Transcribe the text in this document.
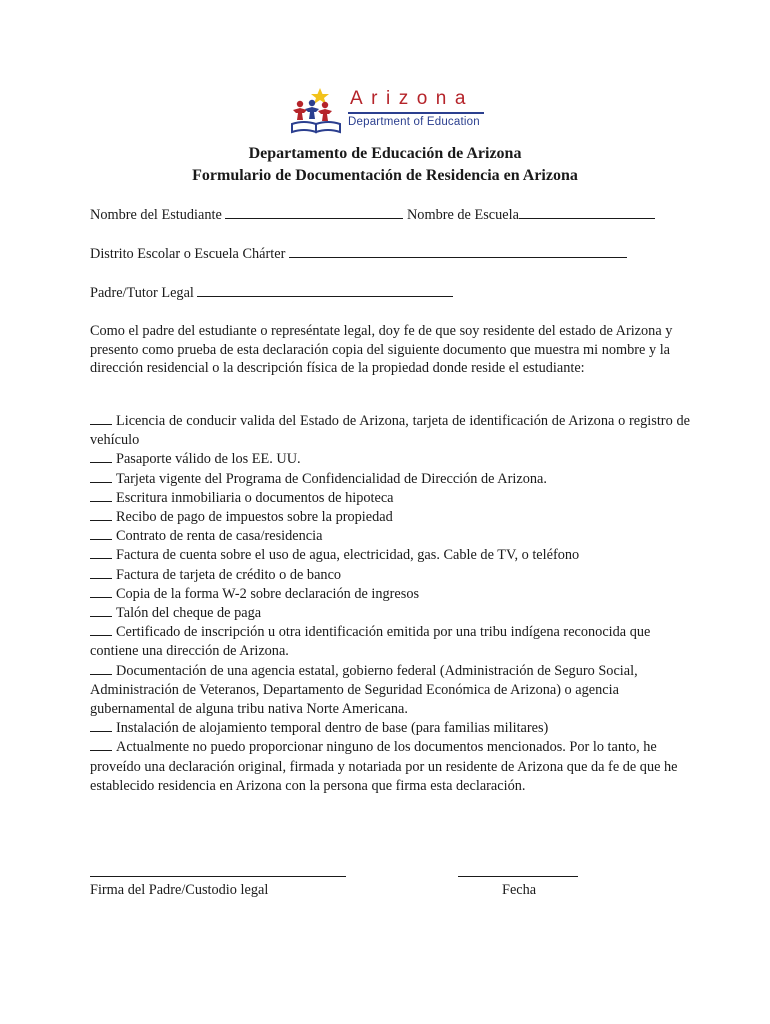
Arizona
Department of Education
Departamento de Educación de Arizona
Formulario de Documentación de Residencia en Arizona
Nombre del Estudiante	Nombre de Escuela
Distrito Escolar o Escuela Chárter
Padre/Tutor Legal
Como el padre del estudiante o represéntate legal, doy fe de que soy residente del estado de Arizona y presento como prueba de esta declaración copia del siguiente documento que muestra mi nombre y la dirección residencial o la descripción física de la propiedad donde reside el estudiante:
Licencia de conducir valida del Estado de Arizona, tarjeta de identificación de Arizona o registro de vehículo
Pasaporte válido de los EE. UU.
Tarjeta vigente del Programa de Confidencialidad de Dirección de Arizona.
Escritura inmobiliaria o documentos de hipoteca
Recibo de pago de impuestos sobre la propiedad
Contrato de renta de casa/residencia
Factura de cuenta sobre el uso de agua, electricidad, gas. Cable de TV, o teléfono
Factura de tarjeta de crédito o de banco
Copia de la forma W-2 sobre declaración de ingresos
Talón del cheque de paga
Certificado de inscripción u otra identificación emitida por una tribu indígena reconocida que contiene una dirección de Arizona.
Documentación de una agencia estatal, gobierno federal (Administración de Seguro Social, Administración de Veteranos, Departamento de Seguridad Económica de Arizona) o agencia gubernamental de alguna tribu nativa Norte Americana.
Instalación de alojamiento temporal dentro de base (para familias militares)
Actualmente no puedo proporcionar ninguno de los documentos mencionados. Por lo tanto, he proveído una declaración original, firmada y notariada por un residente de Arizona que da fe de que he establecido residencia en Arizona con la persona que firma esta declaración.
Firma del Padre/Custodio legal	Fecha
